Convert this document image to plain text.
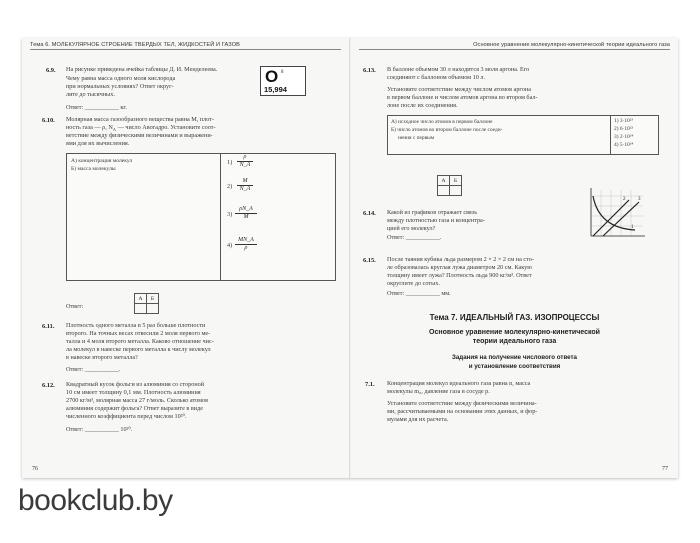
Тема 6. МОЛЕКУЛЯРНОЕ СТРОЕНИЕ ТВЕРДЫХ ТЕЛ, ЖИДКОСТЕЙ И ГАЗОВ
6.9. На рисунке приведена ячейка таблицы Д. И. Менделеева.
Чему равна масса одного моля кислорода
при нормальных условиях? Ответ округ-
лите до тысячных.
Ответ: ___________ кг.
O 8
15,994
6.10. Молярная масса газообразного вещества равна M, плот-
ность газа — ρ, $N_A$ — число Авогадро. Установите соот-
ветствие между физическими величинами и выражени-
ями для их вычисления.
А) концентрация молекул
Б) масса молекулы
$1) \frac{\rho}{N\_A}$
$2) \frac{M}{N\_A}$
$3) \frac{\rho N\_A}{M}$
$4) \frac{MN\_A}{\rho}$
А	Б

Ответ:
6.11. Плотность одного металла в 5 раз больше плотности
второго. На точных весах отвесили 2 моля первого ме-
талла и 4 моля второго металла. Каково отношение чис-
ла молекул в навеске первого металла к числу молекул
в навеске второго металла?
Ответ: ___________.
6.12. Квадратный кусок фольги из алюминия со стороной
10 см имеет толщину 0,1 мм. Плотность алюминия
2700 кг/м³, молярная масса 27 г/моль. Сколько атомов
алюминия содержит фольга? Ответ выразите в виде
численного коэффициента перед числом 10²⁰.
Ответ: ___________ 10²⁰.
76
Основное уравнение молекулярно-кинетической теории идеального газа
6.13. В баллоне объемом 30 л находится 3 моля аргона. Его
соединяют с баллоном объемом 10 л.
Установите соответствие между числом атомов аргона
в первом баллоне и числом атомов аргона во втором бал-
лоне после их соединения.
А) исходное число атомов в первом баллоне
Б) число атомов во втором баллоне после соеди-
нения с первым
1) 3·10²³
2) 6·10²³
3) 2·10²⁴
4) 5·10²⁴
А	Б

6.14. Какой из графиков отражает связь
между плотностью газа и концентра-
цией его молекул?
Ответ: ___________.
1
2	3
6.15. После таяния кубика льда размером 2 × 2 × 2 см на сто-
ле образовалась круглая лужа диаметром 20 см. Какую
толщину имеет лужа? Плотность льда 900 кг/м³. Ответ
округлите до сотых.
Ответ: ___________ мм.
Тема 7. ИДЕАЛЬНЫЙ ГАЗ. ИЗОПРОЦЕССЫ
Основное уравнение молекулярно-кинетической
теории идеального газа
Задания на получение числового ответа
и установление соответствия
7.1. Концентрация молекул идеального газа равна n, масса
молекулы m₀, давление газа в сосуде p.
Установите соответствие между физическими величина-
ми, рассчитываемыми на основании этих данных, и фор-
мулами для их расчета.
77
bookclub.by
